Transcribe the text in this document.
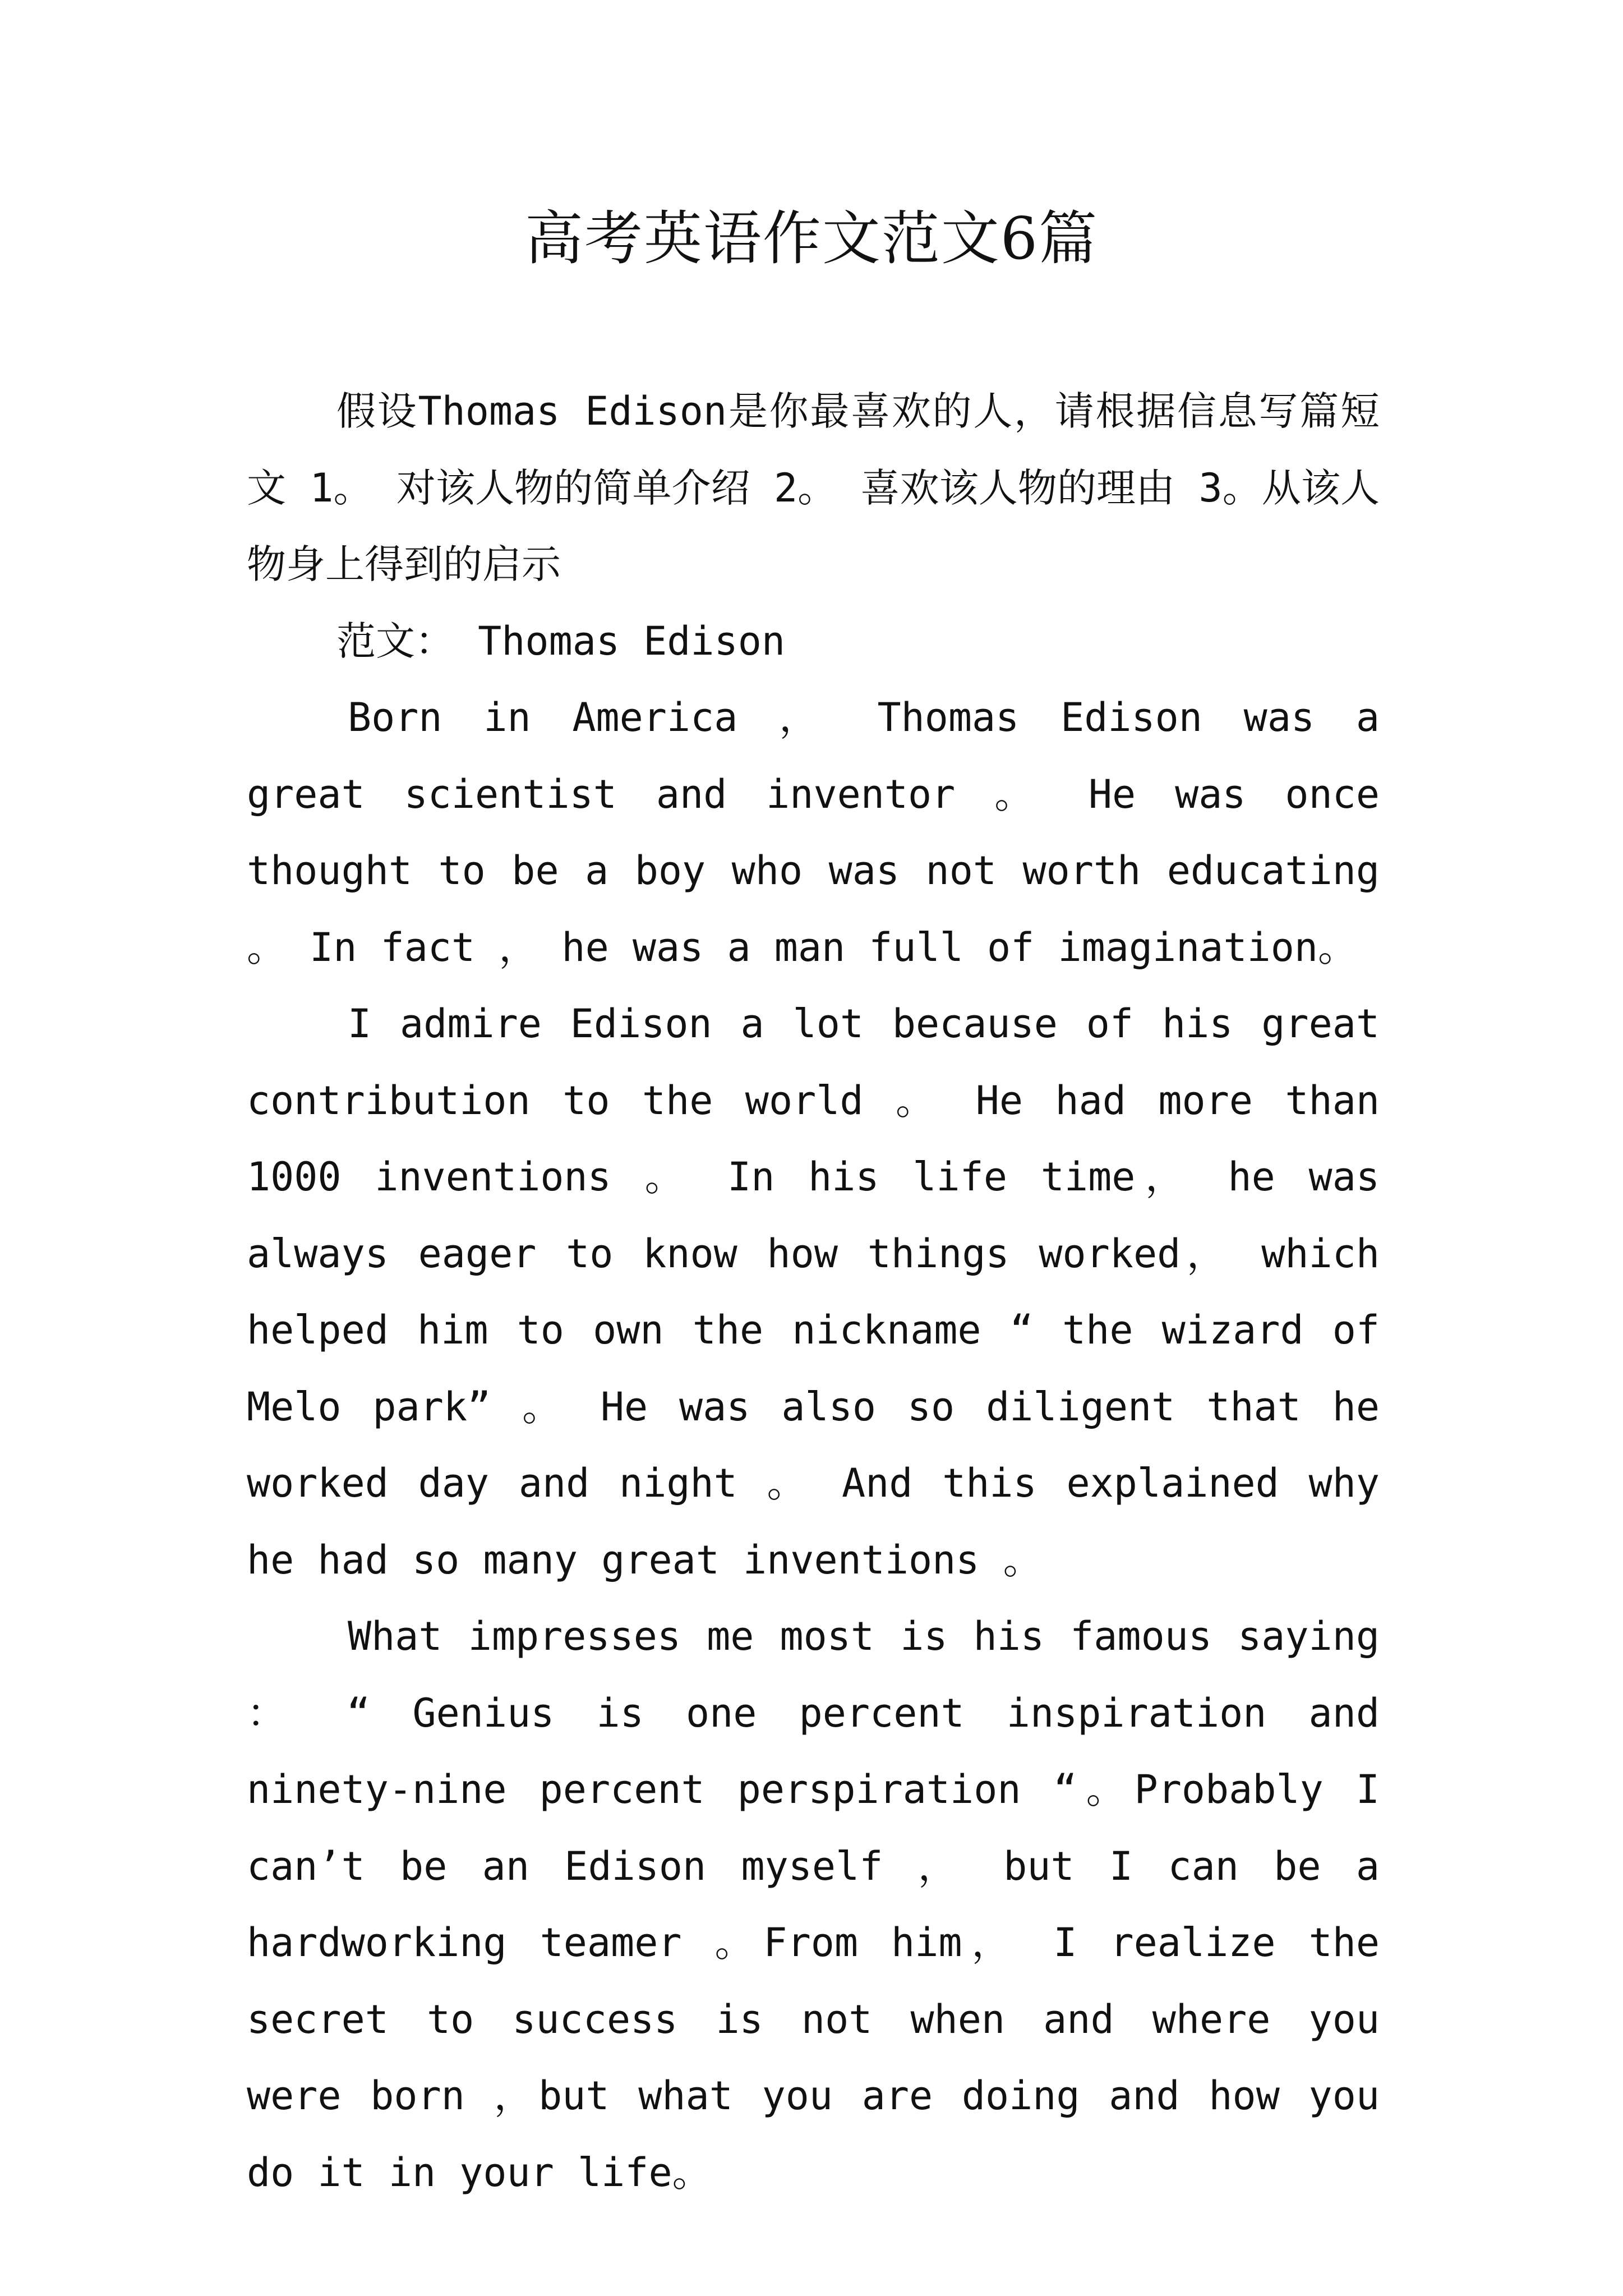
高考英语作文范文6篇

假设Thomas Edison是你最喜欢的人，请根据信息写篇短文 1。 对该人物的简单介绍 2。 喜欢该人物的理由 3。从该人物身上得到的启示

范文： Thomas Edison

Born in America ， Thomas Edison was a great scientist and inventor 。 He was once thought to be a boy who was not worth educating 。 In fact ， he was a man full of imagination。

I admire Edison a lot because of his great contribution to the world 。 He had more than 1000 inventions 。 In his life time， he was always eager to know how things worked， which helped him to own the nickname “ the wizard of Melo park” 。 He was also so diligent that he worked day and night 。 And this explained why he had so many great inventions 。

What impresses me most is his famous saying ： “ Genius is one percent inspiration and ninety-nine percent perspiration “。Probably I can’t be an Edison myself ， but I can be a hardworking teamer 。From him， I realize the secret to success is not when and where you were born ，but what you are doing and how you do it in your life。
